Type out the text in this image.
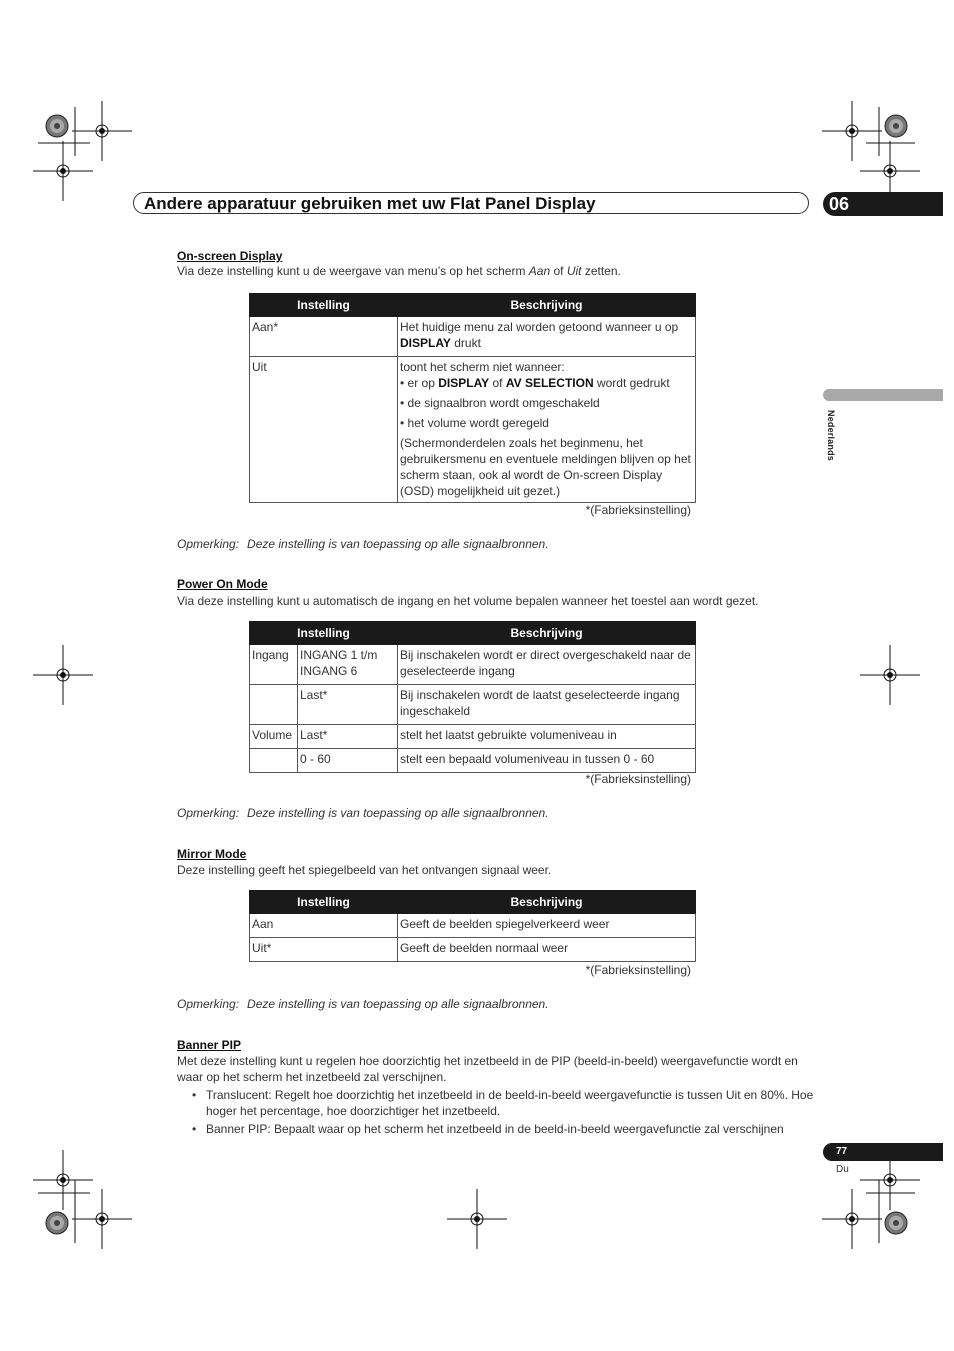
Andere apparatuur gebruiken met uw Flat Panel Display	06
Nederlands
On-screen Display
Via deze instelling kunt u de weergave van menu’s op het scherm Aan of Uit zetten.
Instelling	Beschrijving
Aan*	Het huidige menu zal worden getoond wanneer u op DISPLAY drukt
Uit	toont het scherm niet wanneer:
• er op DISPLAY of AV SELECTION wordt gedrukt
• de signaalbron wordt omgeschakeld
• het volume wordt geregeld
(Schermonderdelen zoals het beginmenu, het gebruikersmenu en eventuele meldingen blijven op het scherm staan, ook al wordt de On-screen Display (OSD) mogelijkheid uit gezet.)
*(Fabrieksinstelling)
Opmerking: Deze instelling is van toepassing op alle signaalbronnen.
Power On Mode
Via deze instelling kunt u automatisch de ingang en het volume bepalen wanneer het toestel aan wordt gezet.
Instelling		Beschrijving
Ingang	INGANG 1 t/m INGANG 6	Bij inschakelen wordt er direct overgeschakeld naar de geselecteerde ingang
	Last*	Bij inschakelen wordt de laatst geselecteerde ingang ingeschakeld
Volume	Last*	stelt het laatst gebruikte volumeniveau in
	0 - 60	stelt een bepaald volumeniveau in tussen 0 - 60
*(Fabrieksinstelling)
Opmerking: Deze instelling is van toepassing op alle signaalbronnen.
Mirror Mode
Deze instelling geeft het spiegelbeeld van het ontvangen signaal weer.
Instelling	Beschrijving
Aan	Geeft de beelden spiegelverkeerd weer
Uit*	Geeft de beelden normaal weer
*(Fabrieksinstelling)
Opmerking: Deze instelling is van toepassing op alle signaalbronnen.
Banner PIP
Met deze instelling kunt u regelen hoe doorzichtig het inzetbeeld in de PIP (beeld-in-beeld) weergavefunctie wordt en waar op het scherm het inzetbeeld zal verschijnen.
• Translucent: Regelt hoe doorzichtig het inzetbeeld in de beeld-in-beeld weergavefunctie is tussen Uit en 80%. Hoe hoger het percentage, hoe doorzichtiger het inzetbeeld.
• Banner PIP: Bepaalt waar op het scherm het inzetbeeld in de beeld-in-beeld weergavefunctie zal verschijnen
77
Du
